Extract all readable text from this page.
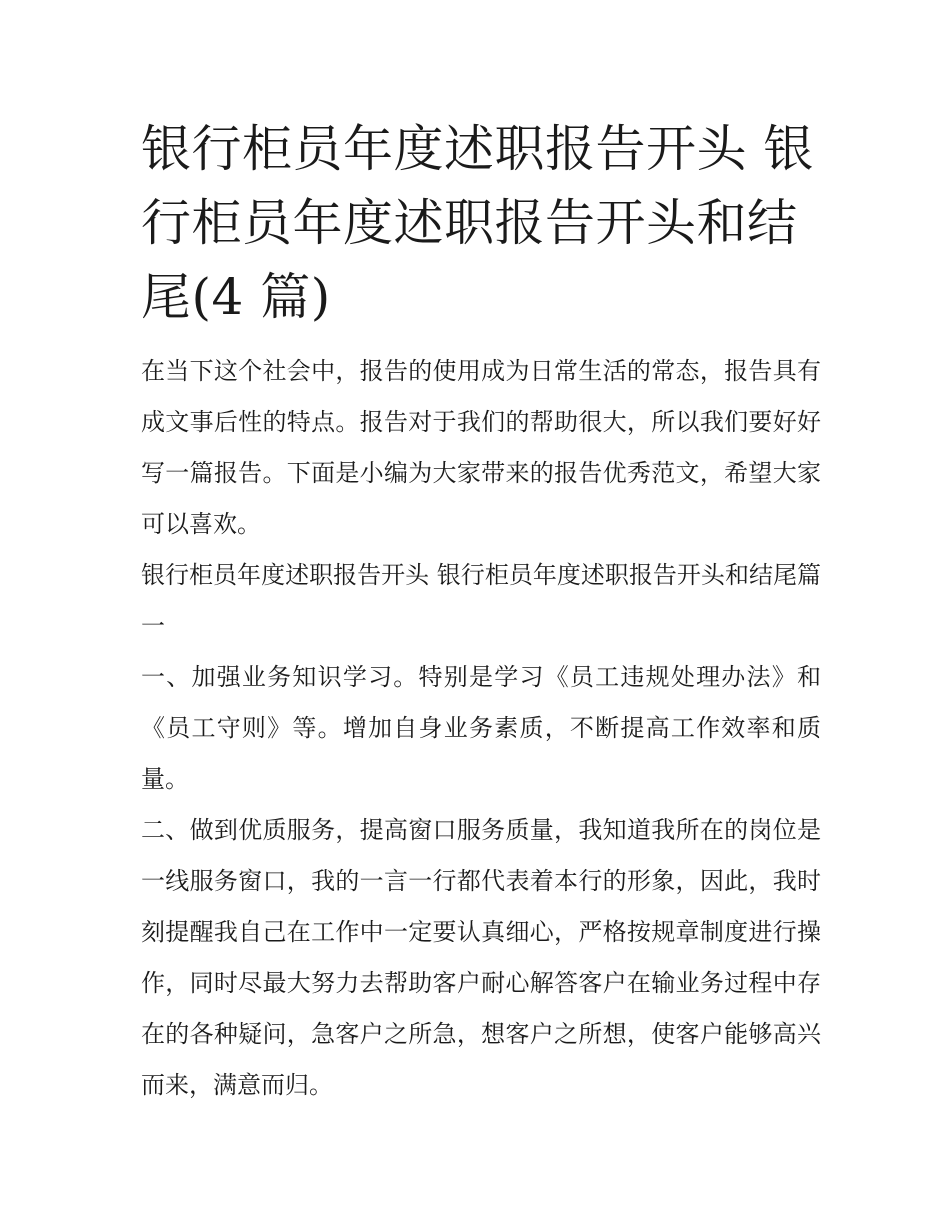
银行柜员年度述职报告开头 银行柜员年度述职报告开头和结尾(4 篇)

在当下这个社会中，报告的使用成为日常生活的常态，报告具有成文事后性的特点。报告对于我们的帮助很大，所以我们要好好写一篇报告。下面是小编为大家带来的报告优秀范文，希望大家可以喜欢。

银行柜员年度述职报告开头 银行柜员年度述职报告开头和结尾篇一

一、加强业务知识学习。特别是学习《员工违规处理办法》和《员工守则》等。增加自身业务素质，不断提高工作效率和质量。

二、做到优质服务，提高窗口服务质量，我知道我所在的岗位是一线服务窗口，我的一言一行都代表着本行的形象，因此，我时刻提醒我自己在工作中一定要认真细心，严格按规章制度进行操作，同时尽最大努力去帮助客户耐心解答客户在输业务过程中存在的各种疑问，急客户之所急，想客户之所想，使客户能够高兴而来，满意而归。
